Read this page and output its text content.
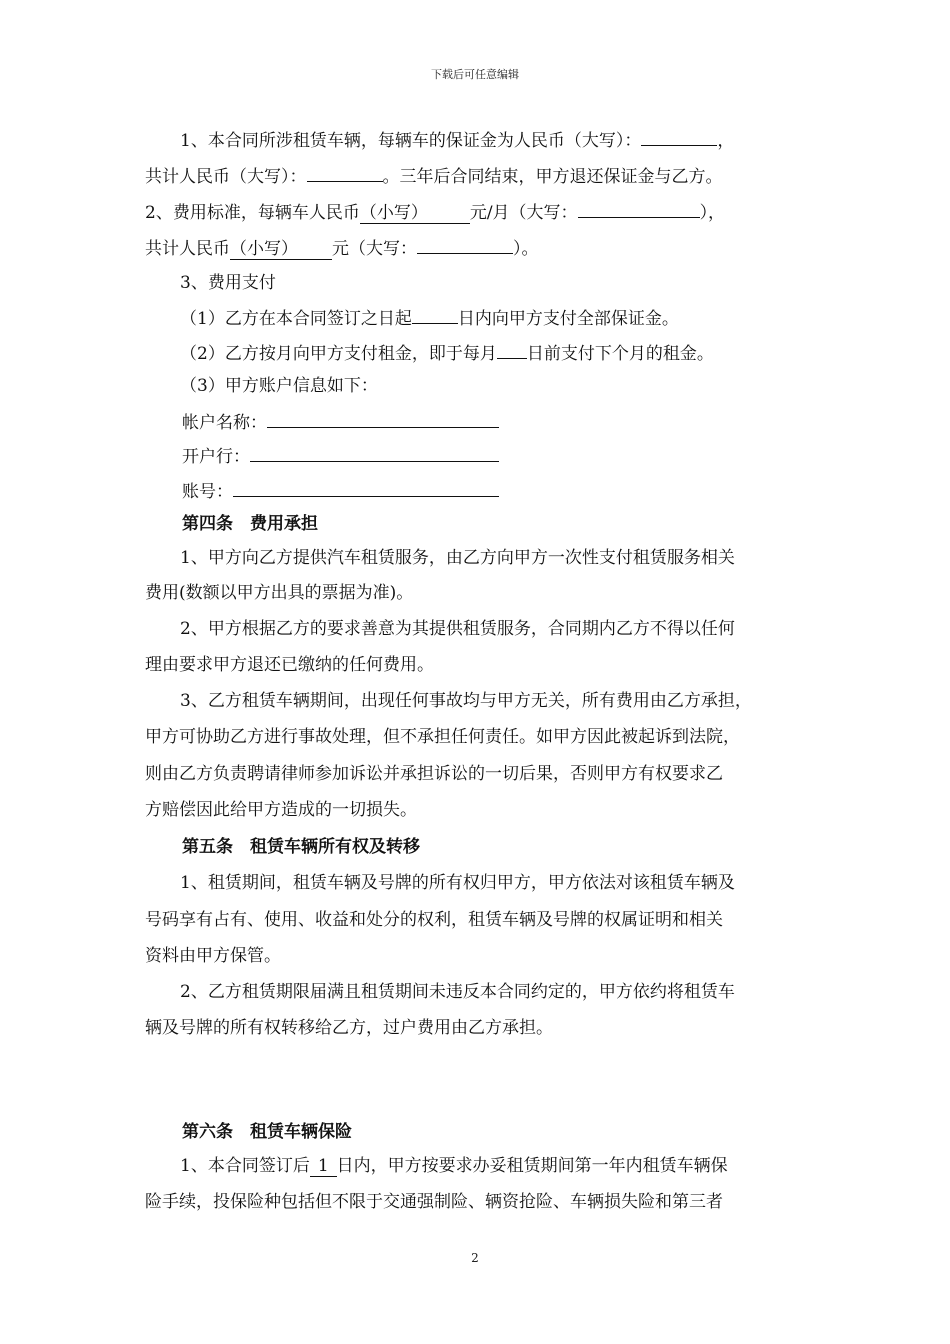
下载后可任意编辑
1、本合同所涉租赁车辆，每辆车的保证金为人民币（大写）：	，
共计人民币（大写）：	。三年后合同结束，甲方退还保证金与乙方。
2、费用标准，每辆车人民币（小写） 元/月（大写：	），
共计人民币（小写） 元（大写：	）。
3、费用支付
（1）乙方在本合同签订之日起	日内向甲方支付全部保证金。
（2）乙方按月向甲方支付租金，即于每月 日前支付下个月的租金。
（3）甲方账户信息如下：
帐户名称：
开户行：
账号：
第四条　费用承担
1、甲方向乙方提供汽车租赁服务，由乙方向甲方一次性支付租赁服务相关
费用(数额以甲方出具的票据为准)。
2、甲方根据乙方的要求善意为其提供租赁服务，合同期内乙方不得以任何
理由要求甲方退还已缴纳的任何费用。
3、乙方租赁车辆期间，出现任何事故均与甲方无关，所有费用由乙方承担，
甲方可协助乙方进行事故处理，但不承担任何责任。如甲方因此被起诉到法院，
则由乙方负责聘请律师参加诉讼并承担诉讼的一切后果，否则甲方有权要求乙
方赔偿因此给甲方造成的一切损失。
第五条　租赁车辆所有权及转移
1、租赁期间，租赁车辆及号牌的所有权归甲方，甲方依法对该租赁车辆及
号码享有占有、使用、收益和处分的权利，租赁车辆及号牌的权属证明和相关
资料由甲方保管。
2、乙方租赁期限届满且租赁期间未违反本合同约定的，甲方依约将租赁车
辆及号牌的所有权转移给乙方，过户费用由乙方承担。
第六条　租赁车辆保险
1、本合同签订后 1 日内，甲方按要求办妥租赁期间第一年内租赁车辆保
险手续，投保险种包括但不限于交通强制险、辆资抢险、车辆损失险和第三者
2
